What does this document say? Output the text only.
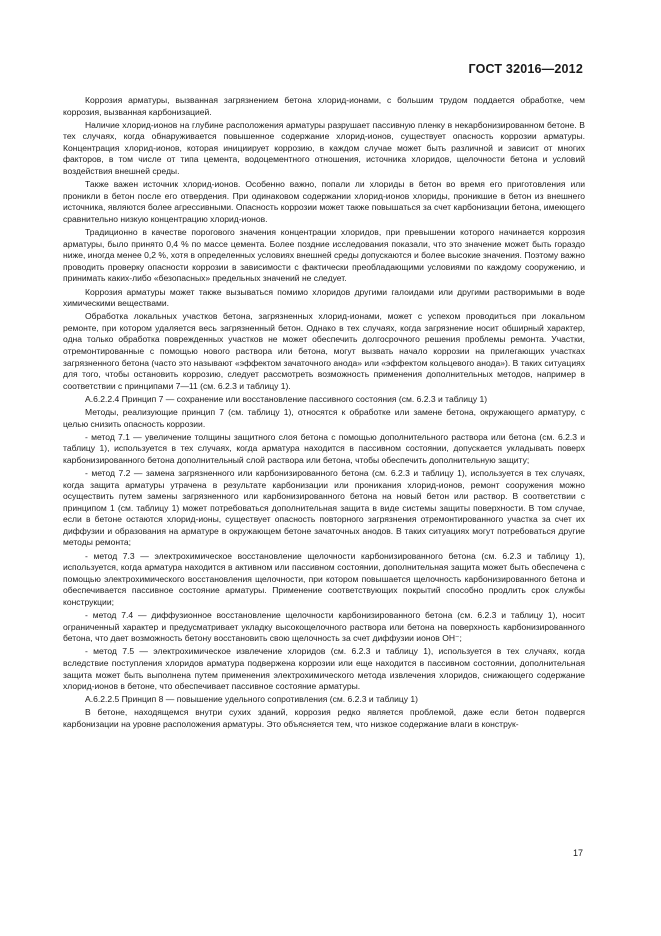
ГОСТ 32016—2012

Коррозия арматуры, вызванная загрязнением бетона хлорид-ионами, с большим трудом поддается обработке, чем коррозия, вызванная карбонизацией.

Наличие хлорид-ионов на глубине расположения арматуры разрушает пассивную пленку в некарбонизированном бетоне. В тех случаях, когда обнаруживается повышенное содержание хлорид-ионов, существует опасность коррозии арматуры. Концентрация хлорид-ионов, которая инициирует коррозию, в каждом случае может быть различной и зависит от многих факторов, в том числе от типа цемента, водоцементного отношения, источника хлоридов, щелочности бетона и условий воздействия внешней среды.

Также важен источник хлорид-ионов. Особенно важно, попали ли хлориды в бетон во время его приготовления или проникли в бетон после его отвердения. При одинаковом содержании хлорид-ионов хлориды, проникшие в бетон из внешнего источника, являются более агрессивными. Опасность коррозии может также повышаться за счет карбонизации бетона, имеющего сравнительно низкую концентрацию хлорид-ионов.

Традиционно в качестве порогового значения концентрации хлоридов, при превышении которого начинается коррозия арматуры, было принято 0,4 % по массе цемента. Более поздние исследования показали, что это значение может быть гораздо ниже, иногда менее 0,2 %, хотя в определенных условиях внешней среды допускаются и более высокие значения. Поэтому важно проводить проверку опасности коррозии в зависимости с фактически преобладающими условиями по каждому сооружению, и принимать каких-либо «безопасных» предельных значений не следует.

Коррозия арматуры может также вызываться помимо хлоридов другими галоидами или другими растворимыми в воде химическими веществами.

Обработка локальных участков бетона, загрязненных хлорид-ионами, может с успехом проводиться при локальном ремонте, при котором удаляется весь загрязненный бетон. Однако в тех случаях, когда загрязнение носит обширный характер, одна только обработка поврежденных участков не может обеспечить долгосрочного решения проблемы ремонта. Участки, отремонтированные с помощью нового раствора или бетона, могут вызвать начало коррозии на прилегающих участках загрязненного бетона (часто это называют «эффектом зачаточного анода» или «эффектом кольцевого анода»). В таких ситуациях для того, чтобы остановить коррозию, следует рассмотреть возможность применения дополнительных методов, например в соответствии с принципами 7—11 (см. 6.2.3 и таблицу 1).

А.6.2.2.4 Принцип 7 — сохранение или восстановление пассивного состояния (см. 6.2.3 и таблицу 1)

Методы, реализующие принцип 7 (см. таблицу 1), относятся к обработке или замене бетона, окружающего арматуру, с целью снизить опасность коррозии.

- метод 7.1 — увеличение толщины защитного слоя бетона с помощью дополнительного раствора или бетона (см. 6.2.3 и таблицу 1), используется в тех случаях, когда арматура находится в пассивном состоянии, допускается укладывать поверх карбонизированного бетона дополнительный слой раствора или бетона, чтобы обеспечить дополнительную защиту;

- метод 7.2 — замена загрязненного или карбонизированного бетона (см. 6.2.3 и таблицу 1), используется в тех случаях, когда защита арматуры утрачена в результате карбонизации или проникания хлорид-ионов, ремонт сооружения можно осуществить путем замены загрязненного или карбонизированного бетона на новый бетон или раствор. В соответствии с принципом 1 (см. таблицу 1) может потребоваться дополнительная защита в виде системы защиты поверхности. В том случае, если в бетоне остаются хлорид-ионы, существует опасность повторного загрязнения отремонтированного участка за счет их диффузии и образования на арматуре в окружающем бетоне зачаточных анодов. В таких ситуациях могут потребоваться другие методы ремонта;

- метод 7.3 — электрохимическое восстановление щелочности карбонизированного бетона (см. 6.2.3 и таблицу 1), используется, когда арматура находится в активном или пассивном состоянии, дополнительная защита может быть обеспечена с помощью электрохимического восстановления щелочности, при котором повышается щелочность карбонизированного бетона и обеспечивается пассивное состояние арматуры. Применение соответствующих покрытий способно продлить срок службы конструкции;

- метод 7.4 — диффузионное восстановление щелочности карбонизированного бетона (см. 6.2.3 и таблицу 1), носит ограниченный характер и предусматривает укладку высокощелочного раствора или бетона на поверхность карбонизированного бетона, что дает возможность бетону восстановить свою щелочность за счет диффузии ионов ОН⁻;

- метод 7.5 — электрохимическое извлечение хлоридов (см. 6.2.3 и таблицу 1), используется в тех случаях, когда вследствие поступления хлоридов арматура подвержена коррозии или еще находится в пассивном состоянии, дополнительная защита может быть выполнена путем применения электрохимического метода извлечения хлоридов, снижающего содержание хлорид-ионов в бетоне, что обеспечивает пассивное состояние арматуры.

А.6.2.2.5 Принцип 8 — повышение удельного сопротивления (см. 6.2.3 и таблицу 1)

В бетоне, находящемся внутри сухих зданий, коррозия редко является проблемой, даже если бетон подвергся карбонизации на уровне расположения арматуры. Это объясняется тем, что низкое содержание влаги в конструк-

17
